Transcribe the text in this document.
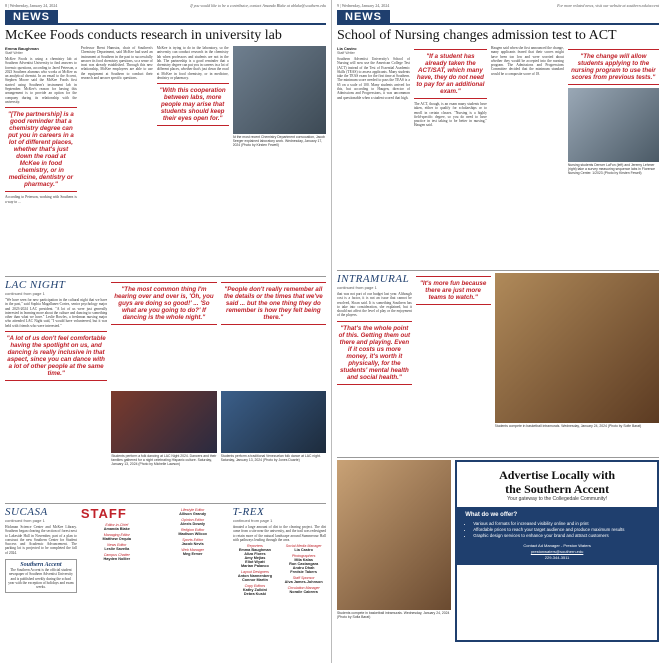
8 | Wednesday, January 24, 2024	If you would like to be a contributor, contact Amanda Blake at ablake@southern.edu
NEWS
McKee Foods conducts research in university lab
Emma Baughman
Staff Writer

McKee Foods is using a chemistry lab at Southern Adventist University to find answers to forensic questions, according to Jared Peterson, a 2023 Southern alumnus who works at McKee as an analytical chemist. In an email to the Accent, Stephen Moore said the McKee Foods first started using Southern's instrument lab in September. McKee's reason for having this arrangement is to provide an option for the company during its relationship with the university.

"[The partnership] is a good reminder that a chemistry degree can put you in careers in a lot of different places, whether that's just down the road at McKee in food chemistry, or in medicine, dentistry or pharmacy."

According to Peterson, working with Southern is a way to ...

Professor Brent Hamstra, chair of Southern's Chemistry Department, said McKee had used an instrument at Southern in the past to successfully answer its food chemistry questions, so a sense of trust was already established. Through this new relationship, McKee employees are able to use the equipment at Southern to conduct their research and answer specific questions.

McKee is trying to do in the laboratory, so the university can conduct research in the chemistry lab when professors and students are not in the lab. The partnership is a good reminder that a chemistry degree can put you in careers in a lot of different places, whether that's just down the road at McKee in food chemistry, or in medicine, dentistry or pharmacy.

"With this cooperation between labs, more people may arise that students should keep their eyes open for."
At the most recent Chemistry Department convocation, Jacob Seeger explained laboratory work. Wednesday, January 17, 2024 (Photo by Kirsten Fewell)
LAC NIGHT
continued from page 1

"We have seen for new participation in the cultural night that we have in the past," said Sophia Magallanes-Cortez, senior psychology major and 2023-2024 LAC president. "A lot of us were just generally interested in learning more about the culture and dancing to something other than what we have." Leslie Bowles, a freshman nursing major who attended LAC Night said, "I would have volunteered, but it was held with friends who were interested."

"A lot of us don't feel comfortable having the spotlight on us, and dancing is really inclusive in that aspect, since you can dance with a lot of other people at the same time."
"The most common thing I'm hearing over and over is, 'Oh, you guys are doing so good!' ... 'So what are you going to do?' If dancing is the whole night."
"People don't really remember all the details or the times that we've said ... but the one thing they do remember is how they felt being there."
Students perform a folk dancing at LAC Night 2024. Dancers and their families gathered for a night celebrating Hispanic culture. Saturday, January 13, 2024 (Photo by Michelle Lawson)
Students perform a traditional Venezuelan folk dance at LAC night. Saturday, January 13, 2024 (Photo by Jones Duarte)
SUCASA
continued from page 1

Hickman Science Center and McKee Library. Southern began clearing the section of forest next to Lakeside Hall in November, part of a plan to construct the new Southern Center for Student Success and Academic Advancement. The parking lot is projected to be completed the fall of 2024.

Southern Accent

The Southern Accent is the official student newspaper of Southern Adventist University and is published weekly during the school year with the exception of holidays and exam weeks.

STAFF
Editor-in-Chief
Amanda Blake
Managing Editor
Matthew Orquia
News Editor
Leslie Savella
Campus Chatter
Hayden Nollier
Lifestyle Editor
Allison Grandy
Opinion Editor
Alexis Dowdy
Religion Editor
Madison Wilcox
Sports Editor
Jacob Nevis
Web Manager
Meg Ermer
T-REX
continued from page 1

donated a large amount of dirt to the clearing project. The dirt came from a site near the university, and the trail was redesigned to retain more of the natural landscape around Summerour Hall with pathways leading through the area.

Reporters
Emma Baughman
Aliza Flores
Amy Mejias
Eliot Wyatt
Marian Palanco
Layout Designers
Anton Nannenberg
Connor Martin
Copy Editors
Kathy Zulbini
Debra Kuski
Social Media Manager
Lia Castro
Photographers
Mila Kalas
Ron Castangara
Andru Dhah
Fredsie Tabers
Staff Sponsor
Alva James-Johnson
Circulation Manager
Noraile Cabrera
9 | Wednesday, January 24, 2024	For more related news, visit our website at southern.edu/accent
NEWS
School of Nursing changes admission test to ACT
Lia Castro
Staff Writer

Southern Adventist University's School of Nursing will now use the American College Test (ACT) instead of the Test of Essential Academic Skills (TEAS) to assess applicants. Many students take the TEAS exam for the first time at Southern. The minimum score needed to pass the TEAS is a 65 on a scale of 100. Many students arrived for this, but according to Haugen, director of Admissions and Progressions, it was uncommon and questionable when a student scored that high.

"If a student has already taken the ACT/SAT, which many have, they do not need to pay for an additional exam."

The ACT, though, is an exam many students have taken, either to qualify for scholarships or to enroll in certain classes. "Nursing is a highly field-specific degree, so you do need to have practice in test taking to be better in nursing," Haugen said.

Haugen said when she first announced the change, many applicants feared that their scores might have been too low and were worried about whether they would be accepted into the nursing program. The Admissions and Progressions Committee decided that the minimum standard would be a composite score of 18.

"The change will allow students applying to the nursing program to use their scores from previous tests."
Nursing students Denver LaFon (left) and Jeremy Lehmer (right) take a survey measuring sequence labs in Florence Nursing Center. 1/2023 (Photo by Kirsten Fewell)
INTRAMURAL
continued from page 1

that was not part of our budget last year. Although cost is a factor, it is not an issue that cannot be resolved, Sloan said. It is something Southern has to take into consideration, she explained, but it should not affect the level of play or the enjoyment of the players.

"That's the whole point of this. Getting them out there and playing. Even if it costs us more money, it's worth it physically, for the students' mental health and social health."
"It's more fun because there are just more teams to watch."
Students compete in basketball intramurals. Wednesday, January 24, 2024 (Photo by Sofie Barat)
Students compete in basketball intramurals. Wednesday, January 24, 2024 (Photo by Sofia Barat)
Advertise Locally with
the Southern Accent
Your gateway to the Collegedale Community!
What do we offer?
• Various ad formats for increased visibility online and in print
• Affordable prices to reach your target audience and produce maximum results
• Graphic design services to enhance your brand and attract customers
Contact Ad Manager - Preston Waters
prestonwaters@southern.edu
229-344-3511
